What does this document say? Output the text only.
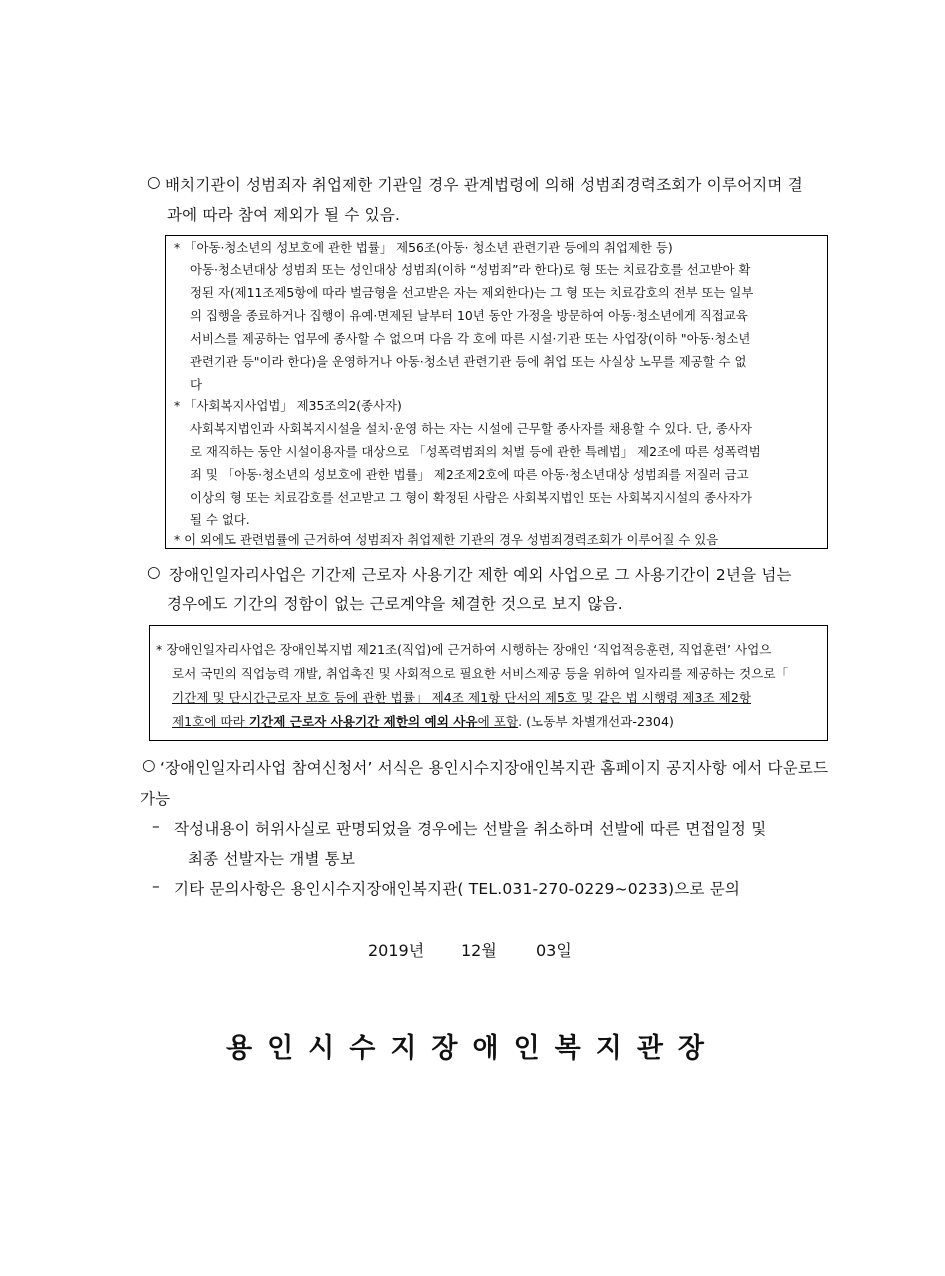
○ 배치기관이 성범죄자 취업제한 기관일 경우 관계법령에 의해 성범죄경력조회가 이루어지며 결
과에 따라 참여 제외가 될 수 있음.
* 「아동·청소년의 성보호에 관한 법률」 제56조(아동· 청소년 관련기관 등에의 취업제한 등)
아동·청소년대상 성범죄 또는 성인대상 성범죄(이하 “성범죄”라 한다)로 형 또는 치료감호를 선고받아 확
정된 자(제11조제5항에 따라 벌금형을 선고받은 자는 제외한다)는 그 형 또는 치료감호의 전부 또는 일부
의 집행을 종료하거나 집행이 유예·면제된 날부터 10년 동안 가정을 방문하여 아동·청소년에게 직접교육
서비스를 제공하는 업무에 종사할 수 없으며 다음 각 호에 따른 시설·기관 또는 사업장(이하 "아동·청소년
관련기관 등"이라 한다)을 운영하거나 아동·청소년 관련기관 등에 취업 또는 사실상 노무를 제공할 수 없
다
* 「사회복지사업법」 제35조의2(종사자)
사회복지법인과 사회복지시설을 설치·운영 하는 자는 시설에 근무할 종사자를 채용할 수 있다. 단, 종사자
로 재직하는 동안 시설이용자를 대상으로 「성폭력범죄의 처벌 등에 관한 특례법」 제2조에 따른 성폭력범
죄 및 「아동·청소년의 성보호에 관한 법률」 제2조제2호에 따른 아동·청소년대상 성범죄를 저질러 금고
이상의 형 또는 치료감호를 선고받고 그 형이 확정된 사람은 사회복지법인 또는 사회복지시설의 종사자가
될 수 없다.
* 이 외에도 관련법률에 근거하여 성범죄자 취업제한 기관의 경우 성범죄경력조회가 이루어질 수 있음
○ 장애인일자리사업은 기간제 근로자 사용기간 제한 예외 사업으로 그 사용기간이 2년을 넘는
경우에도 기간의 정함이 없는 근로계약을 체결한 것으로 보지 않음.
* 장애인일자리사업은 장애인복지법 제21조(직업)에 근거하여 시행하는 장애인 ‘직업적응훈련, 직업훈련’ 사업으
로서 국민의 직업능력 개발, 취업촉진 및 사회적으로 필요한 서비스제공 등을 위하여 일자리를 제공하는 것으로「
기간제 및 단시간근로자 보호 등에 관한 법률」 제4조 제1항 단서의 제5호 및 같은 법 시행령 제3조 제2항
제1호에 따라 기간제 근로자 사용기간 제한의 예외 사유에 포함. (노동부 차별개선과-2304)
○ ‘장애인일자리사업 참여신청서’ 서식은 용인시수지장애인복지관 홈페이지 공지사항 에서 다운로드
가능
– 작성내용이 허위사실로 판명되었을 경우에는 선발을 취소하며 선발에 따른 면접일정 및
최종 선발자는 개별 통보
– 기타 문의사항은 용인시수지장애인복지관( TEL.031-270-0229~0233)으로 문의
2019년 12월 03일
용인시수지장애인복지관장
